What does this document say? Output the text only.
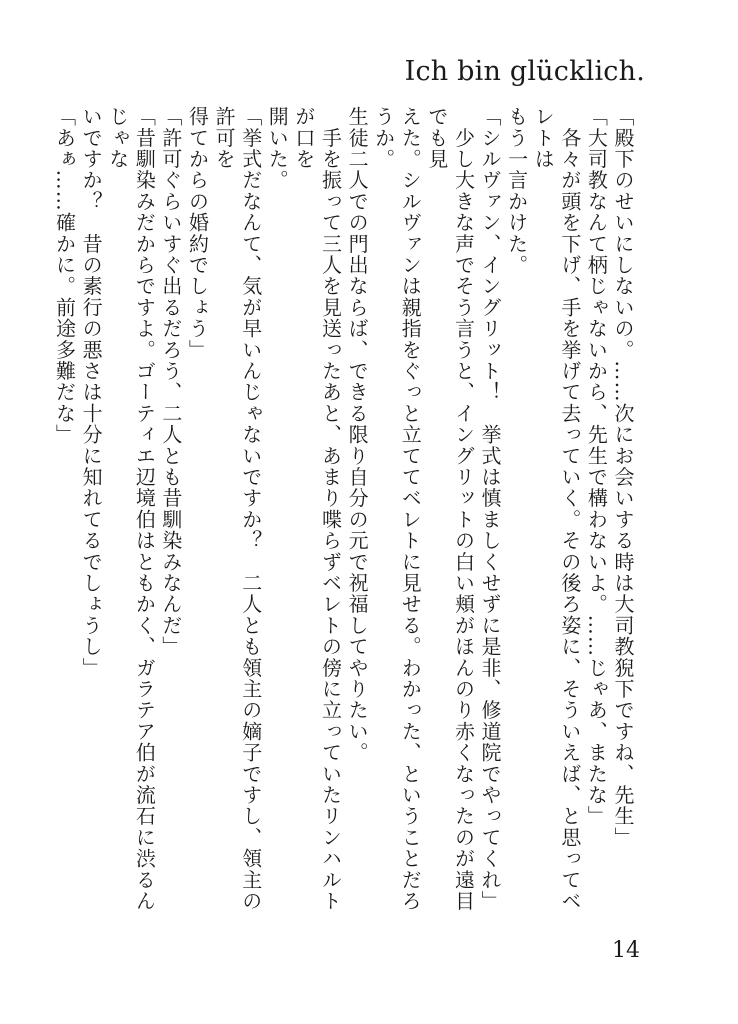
Ich bin glücklich.

「殿下のせいにしないの。……次にお会いする時は大司教猊下ですね、先生」

「大司教なんて柄じゃないから、先生で構わないよ。……じゃあ、またな」

　各々が頭を下げ、手を挙げて去っていく。その後ろ姿に、そういえば、と思ってベレトは

もう一言かけた。

「シルヴァン、イングリット！　挙式は慎ましくせずに是非、修道院でやってくれ」

　少し大きな声でそう言うと、イングリットの白い頬がほんのり赤くなったのが遠目でも見

えた。シルヴァンは親指をぐっと立ててベレトに見せる。わかった、ということだろうか。

生徒二人での門出ならば、できる限り自分の元で祝福してやりたい。

　手を振って三人を見送ったあと、あまり喋らずベレトの傍に立っていたリンハルトが口を

開いた。

「挙式だなんて、気が早いんじゃないですか？　二人とも領主の嫡子ですし、領主の許可を

得てからの婚約でしょう」

「許可ぐらいすぐ出るだろう、二人とも昔馴染みなんだ」

「昔馴染みだからですよ。ゴーティエ辺境伯はともかく、ガラテア伯が流石に渋るんじゃな

いですか？　昔の素行の悪さは十分に知れてるでしょうし」

「あぁ……確かに。前途多難だな」

14
